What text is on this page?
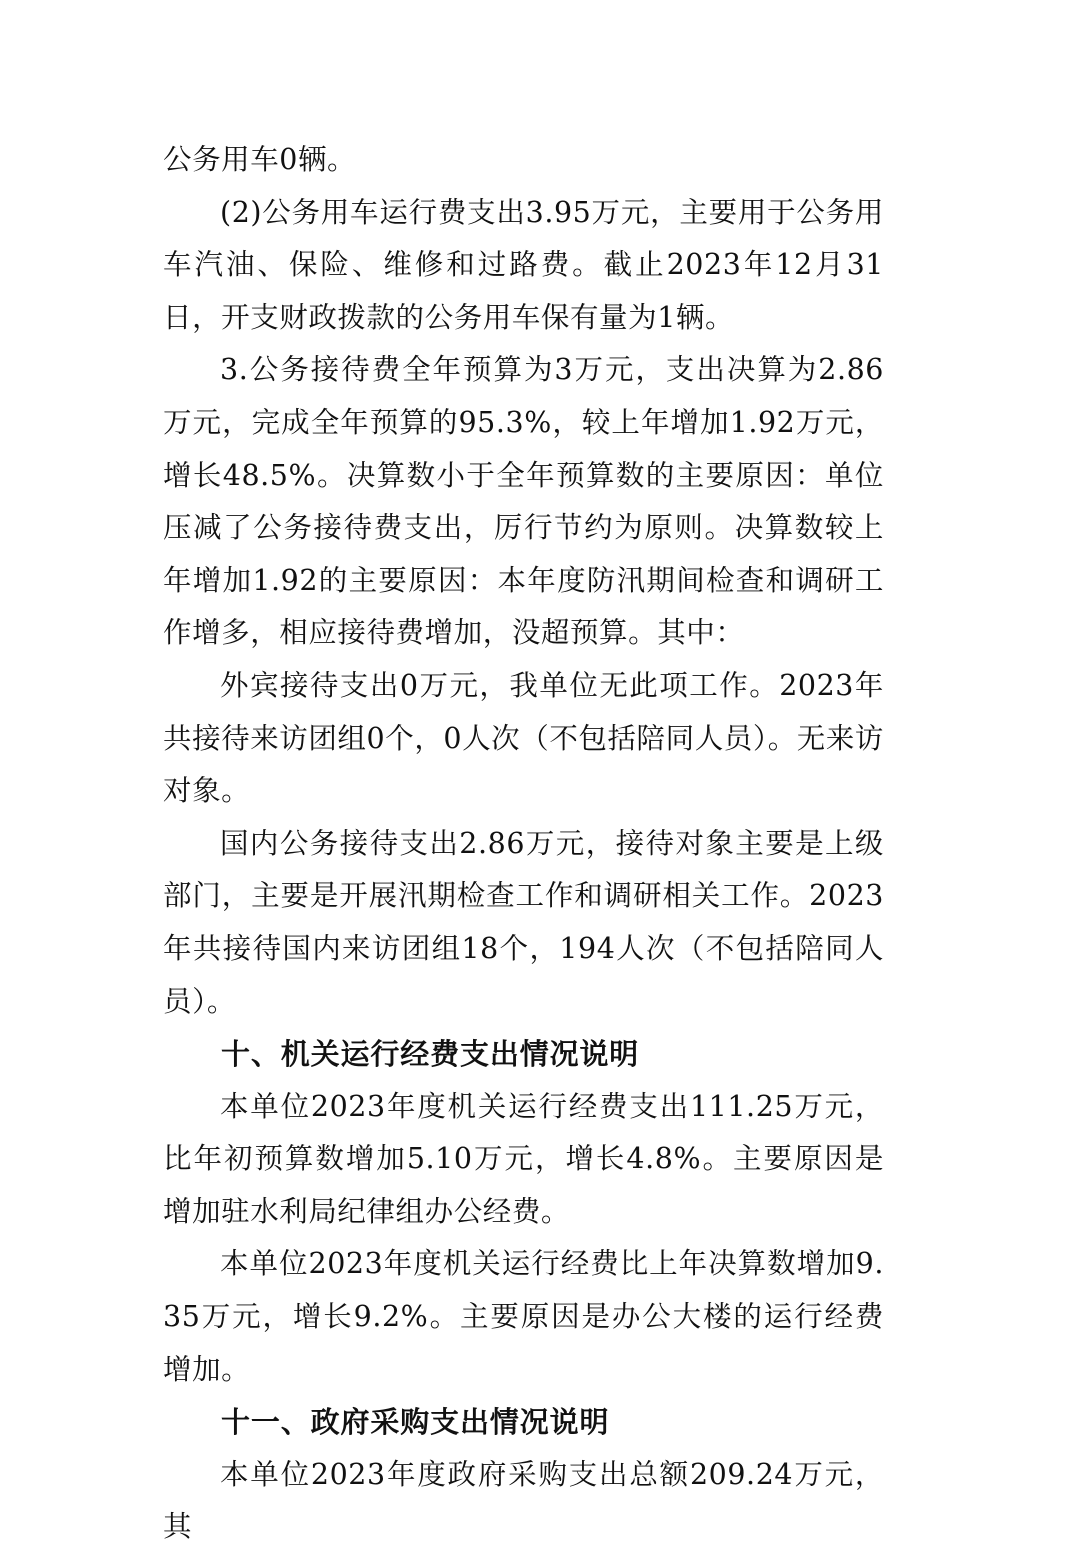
公务用车0辆。

(2)公务用车运行费支出3.95万元，主要用于公务用车汽油、保险、维修和过路费。截止2023年12月31日，开支财政拨款的公务用车保有量为1辆。

3.公务接待费全年预算为3万元，支出决算为2.86万元，完成全年预算的95.3%，较上年增加1.92万元，增长48.5%。决算数小于全年预算数的主要原因：单位压减了公务接待费支出，厉行节约为原则。决算数较上年增加1.92的主要原因：本年度防汛期间检查和调研工作增多，相应接待费增加，没超预算。其中：

外宾接待支出0万元，我单位无此项工作。2023年共接待来访团组0个，0人次（不包括陪同人员）。无来访对象。

国内公务接待支出2.86万元，接待对象主要是上级部门，主要是开展汛期检查工作和调研相关工作。2023年共接待国内来访团组18个，194人次（不包括陪同人员）。

十、机关运行经费支出情况说明

本单位2023年度机关运行经费支出111.25万元，比年初预算数增加5.10万元，增长4.8%。主要原因是增加驻水利局纪律组办公经费。

本单位2023年度机关运行经费比上年决算数增加9.35万元，增长9.2%。主要原因是办公大楼的运行经费增加。

十一、政府采购支出情况说明

本单位2023年度政府采购支出总额209.24万元，其
